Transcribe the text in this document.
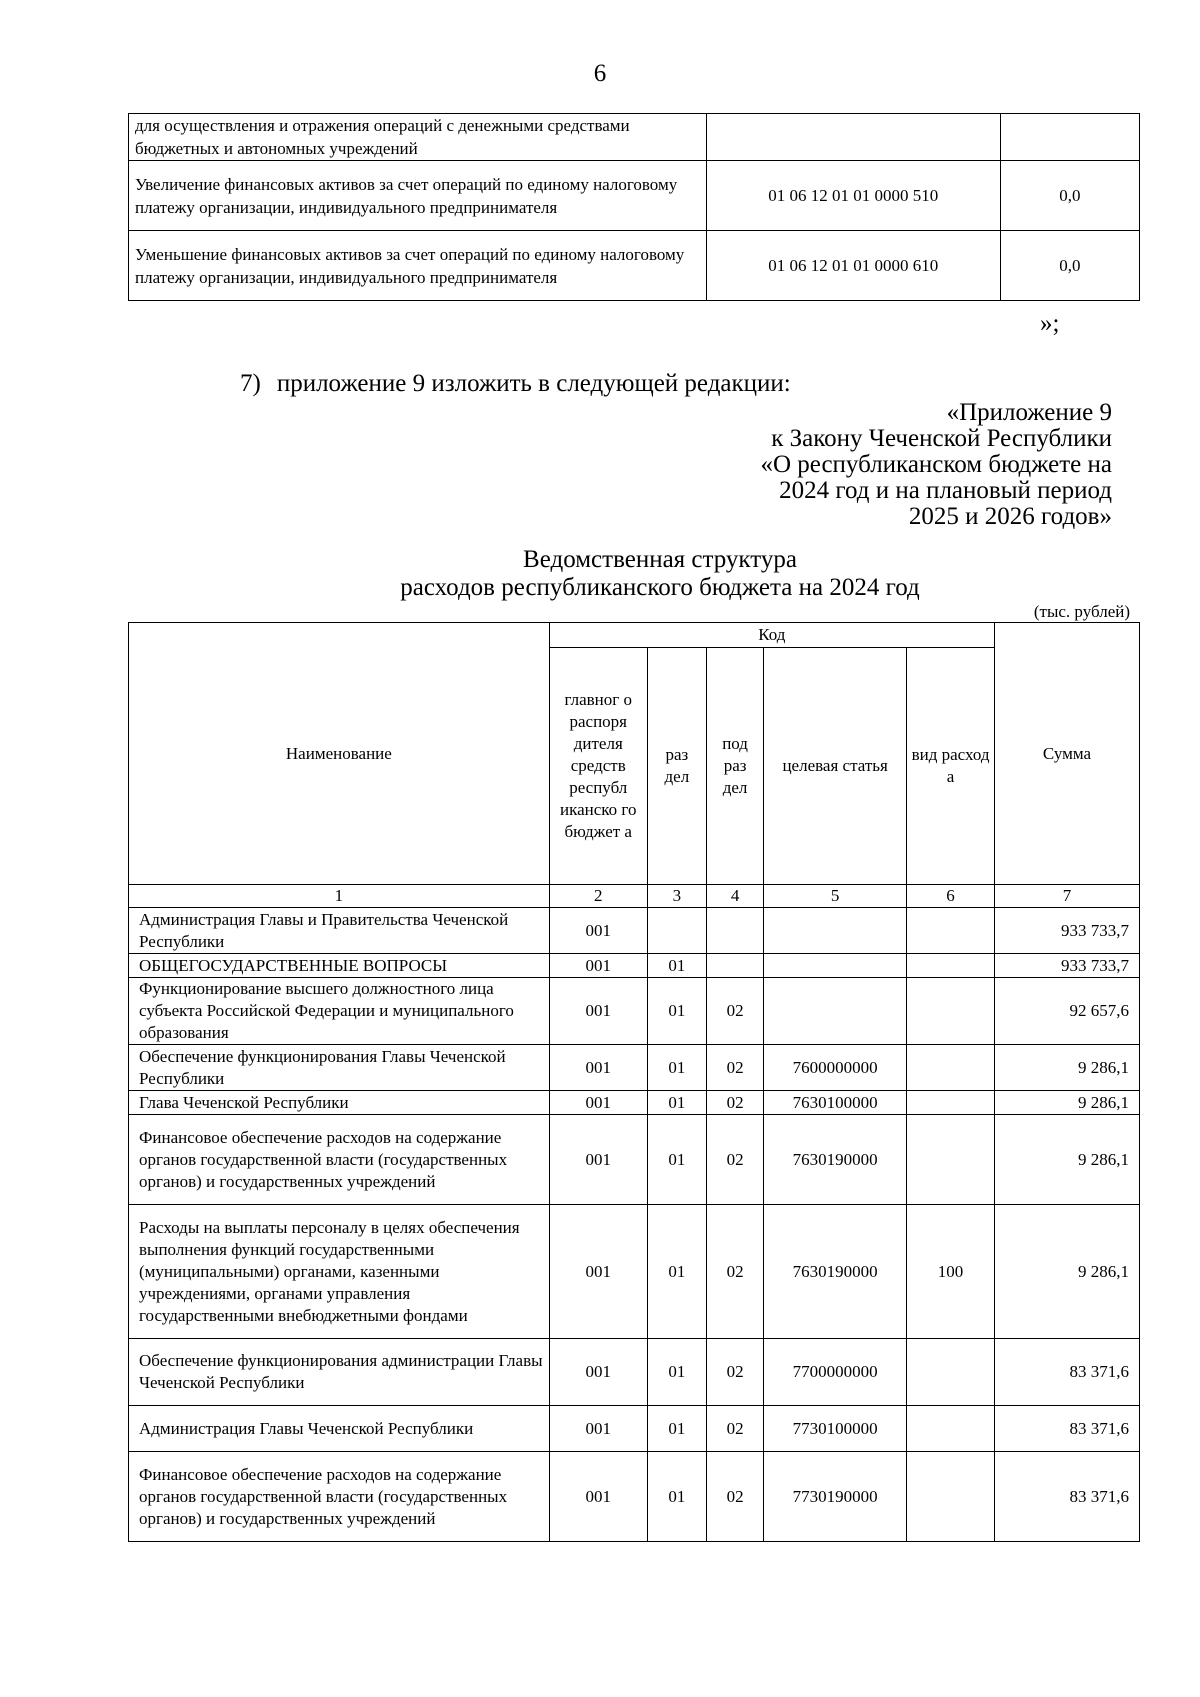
6
для осуществления и отражения операций с денежными средствами бюджетных и автономных учреждений		
Увеличение финансовых активов за счет операций по единому налоговому платежу организации, индивидуального предпринимателя	01 06 12 01 01 0000 510	0,0
Уменьшение финансовых активов за счет операций по единому налоговому платежу организации, индивидуального предпринимателя	01 06 12 01 01 0000 610	0,0
»;
7) приложение 9 изложить в следующей редакции:
«Приложение 9
к Закону Чеченской Республики
«О республиканском бюджете на
2024 год и на плановый период
2025 и 2026 годов»
Ведомственная структура
расходов республиканского бюджета на 2024 год
(тыс. рублей)
Наименование	Код					Сумма
	главног о распоря дителя средств республ иканско го бюджет а	раз дел	под раз дел	целевая статья	вид расход а	
1	2	3	4	5	6	7
Администрация Главы и Правительства Чеченской Республики	001					933 733,7
ОБЩЕГОСУДАРСТВЕННЫЕ ВОПРОСЫ	001	01				933 733,7
Функционирование высшего должностного лица субъекта Российской Федерации и муниципального образования	001	01	02			92 657,6
Обеспечение функционирования Главы Чеченской Республики	001	01	02	7600000000		9 286,1
Глава Чеченской Республики	001	01	02	7630100000		9 286,1
Финансовое обеспечение расходов на содержание органов государственной власти (государственных органов) и государственных учреждений	001	01	02	7630190000		9 286,1
Расходы на выплаты персоналу в целях обеспечения выполнения функций государственными (муниципальными) органами, казенными учреждениями, органами управления государственными внебюджетными фондами	001	01	02	7630190000	100	9 286,1
Обеспечение функционирования администрации Главы Чеченской Республики	001	01	02	7700000000		83 371,6
Администрация Главы Чеченской Республики	001	01	02	7730100000		83 371,6
Финансовое обеспечение расходов на содержание органов государственной власти (государственных органов) и государственных учреждений	001	01	02	7730190000		83 371,6
